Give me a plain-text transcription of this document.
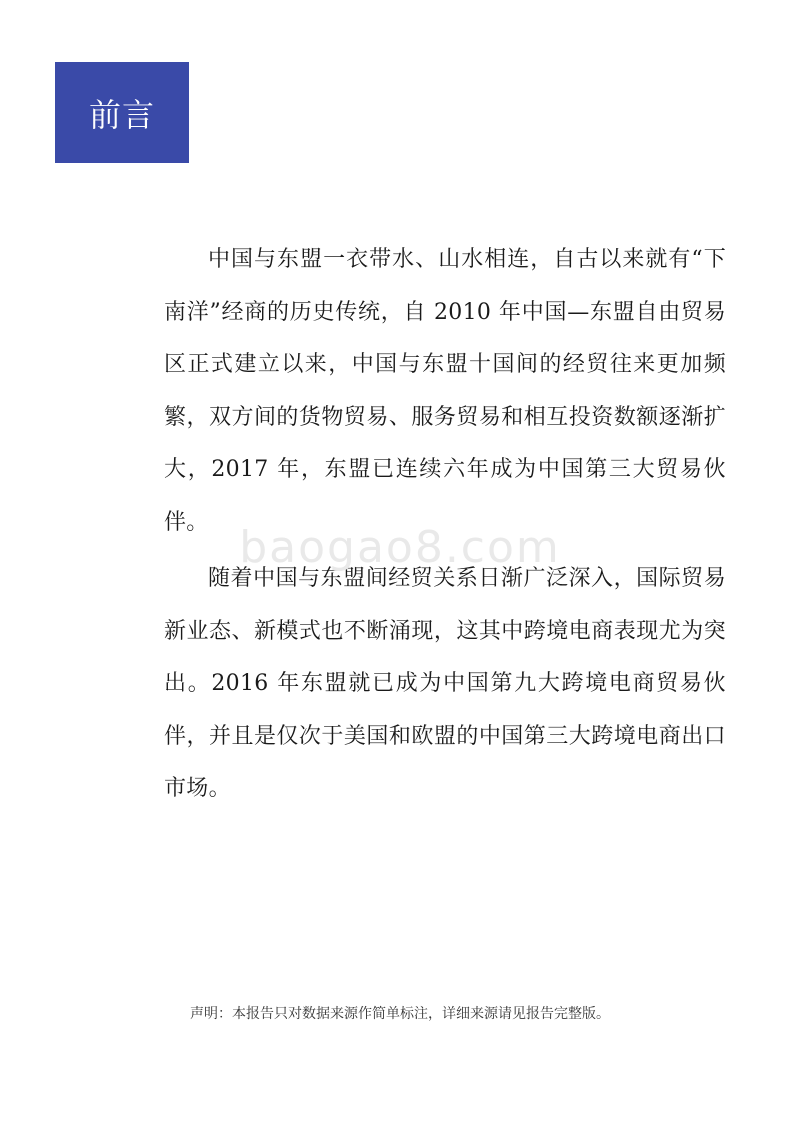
前言

中国与东盟一衣带水、山水相连，自古以来就有“下南洋”经商的历史传统，自 2010 年中国—东盟自由贸易区正式建立以来，中国与东盟十国间的经贸往来更加频繁，双方间的货物贸易、服务贸易和相互投资数额逐渐扩大，2017 年，东盟已连续六年成为中国第三大贸易伙伴。

随着中国与东盟间经贸关系日渐广泛深入，国际贸易新业态、新模式也不断涌现，这其中跨境电商表现尤为突出。2016 年东盟就已成为中国第九大跨境电商贸易伙伴，并且是仅次于美国和欧盟的中国第三大跨境电商出口市场。

baogao8.com
声明：本报告只对数据来源作简单标注，详细来源请见报告完整版。
